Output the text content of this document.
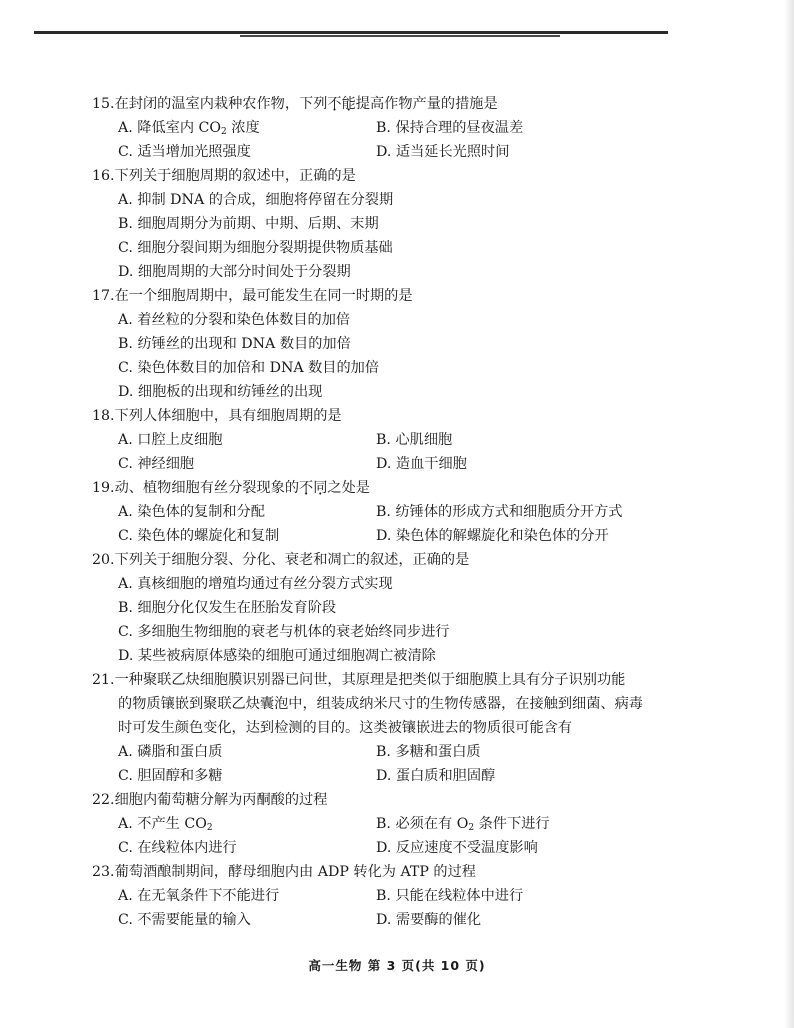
15.在封闭的温室内栽种农作物，下列不能提高作物产量的措施是
A. 降低室内 $CO_2$ 浓度	B. 保持合理的昼夜温差
C. 适当增加光照强度	D. 适当延长光照时间
16.下列关于细胞周期的叙述中，正确的是
A. 抑制 DNA 的合成，细胞将停留在分裂期
B. 细胞周期分为前期、中期、后期、末期
C. 细胞分裂间期为细胞分裂期提供物质基础
D. 细胞周期的大部分时间处于分裂期
17.在一个细胞周期中，最可能发生在同一时期的是
A. 着丝粒的分裂和染色体数目的加倍
B. 纺锤丝的出现和 DNA 数目的加倍
C. 染色体数目的加倍和 DNA 数目的加倍
D. 细胞板的出现和纺锤丝的出现
18.下列人体细胞中，具有细胞周期的是
A. 口腔上皮细胞	B. 心肌细胞
C. 神经细胞	D. 造血干细胞
19.动、植物细胞有丝分裂现象的不同之处是
A. 染色体的复制和分配	B. 纺锤体的形成方式和细胞质分开方式
C. 染色体的螺旋化和复制	D. 染色体的解螺旋化和染色体的分开
20.下列关于细胞分裂、分化、衰老和凋亡的叙述，正确的是
A. 真核细胞的增殖均通过有丝分裂方式实现
B. 细胞分化仅发生在胚胎发育阶段
C. 多细胞生物细胞的衰老与机体的衰老始终同步进行
D. 某些被病原体感染的细胞可通过细胞凋亡被清除
21.一种聚联乙炔细胞膜识别器已问世，其原理是把类似于细胞膜上具有分子识别功能
的物质镶嵌到聚联乙炔囊泡中，组装成纳米尺寸的生物传感器，在接触到细菌、病毒
时可发生颜色变化，达到检测的目的。这类被镶嵌进去的物质很可能含有
A. 磷脂和蛋白质	B. 多糖和蛋白质
C. 胆固醇和多糖	D. 蛋白质和胆固醇
22.细胞内葡萄糖分解为丙酮酸的过程
A. 不产生 $CO_2$	B. 必须在有 $O_2$ 条件下进行
C. 在线粒体内进行	D. 反应速度不受温度影响
23.葡萄酒酿制期间，酵母细胞内由 ADP 转化为 ATP 的过程
A. 在无氧条件下不能进行	B. 只能在线粒体中进行
C. 不需要能量的输入	D. 需要酶的催化
高一生物 第 3 页(共 10 页)
